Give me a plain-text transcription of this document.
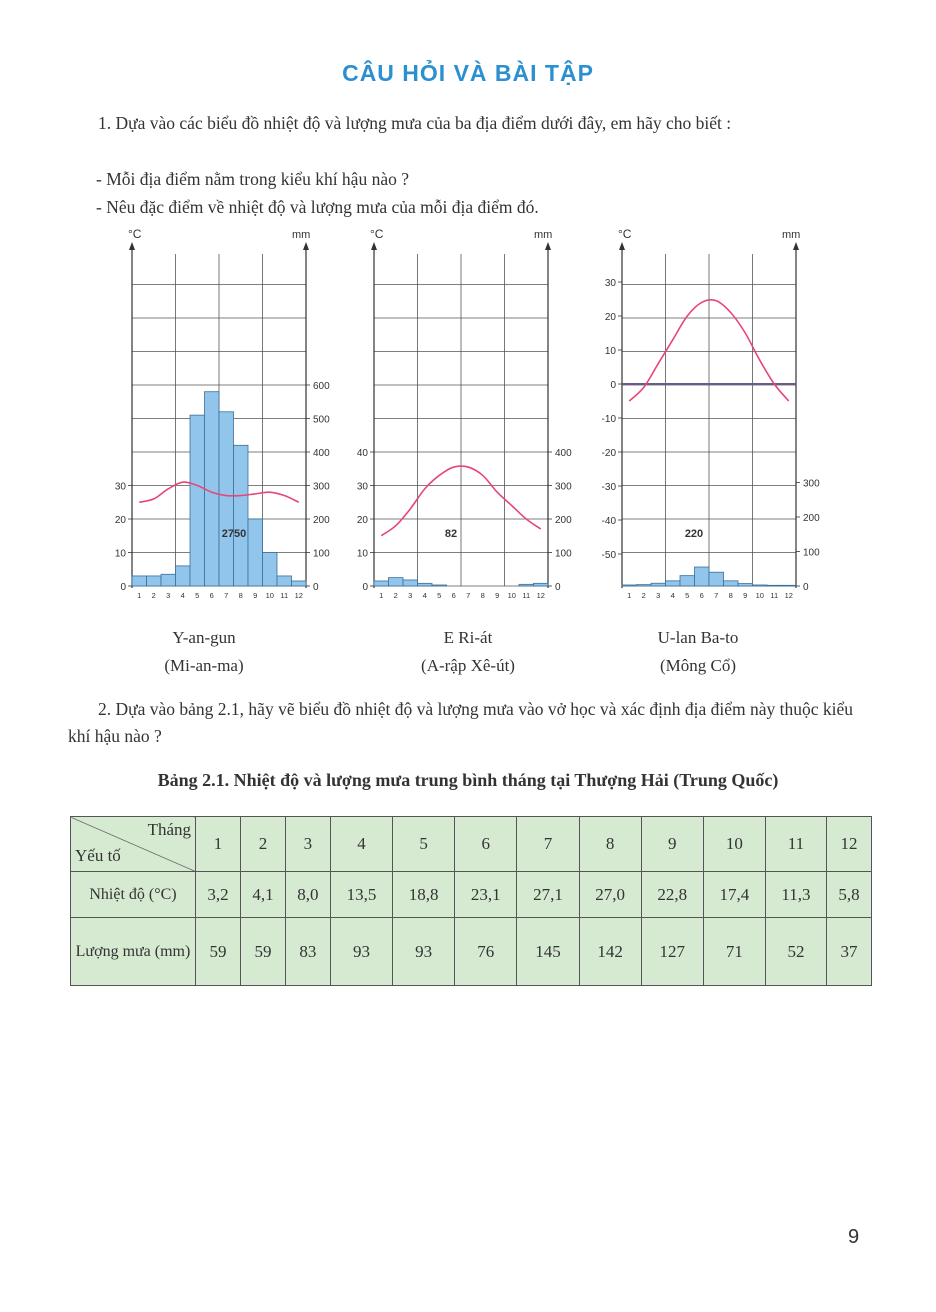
CÂU HỎI VÀ BÀI TẬP
1. Dựa vào các biểu đồ nhiệt độ và lượng mưa của ba địa điểm dưới đây, em hãy cho biết :
- Mỗi địa điểm nằm trong kiểu khí hậu nào ?
- Nêu đặc điểm về nhiệt độ và lượng mưa của mỗi địa điểm đó.
°C	mm
0
10
20
30
0
100
200
300
400
500
600
1 2 3 4 5 6 7 8 9 10 11 12
2750
°C	mm
0
10
20
30
40
0
100
200
300
400
1 2 3 4 5 6 7 8 9 10 11 12
82
°C	mm
-50
-40
-30
-20
-10
0
10
20
30
0
100
200
300
1 2 3 4 5 6 7 8 9 10 11 12
220
Y-an-gun
(Mi-an-ma)
E Ri-át
(A-rập Xê-út)
U-lan Ba-to
(Mông Cổ)
2. Dựa vào bảng 2.1, hãy vẽ biểu đồ nhiệt độ và lượng mưa vào vở học và xác định địa điểm này thuộc kiểu khí hậu nào ?
Bảng 2.1. Nhiệt độ và lượng mưa trung bình tháng tại Thượng Hải (Trung Quốc)
Tháng
Yếu tố	1	2	3	4	5	6	7	8	9	10	11	12
Nhiệt độ (°C)	3,2	4,1	8,0	13,5	18,8	23,1	27,1	27,0	22,8	17,4	11,3	5,8
Lượng mưa (mm)	59	59	83	93	93	76	145	142	127	71	52	37
9
